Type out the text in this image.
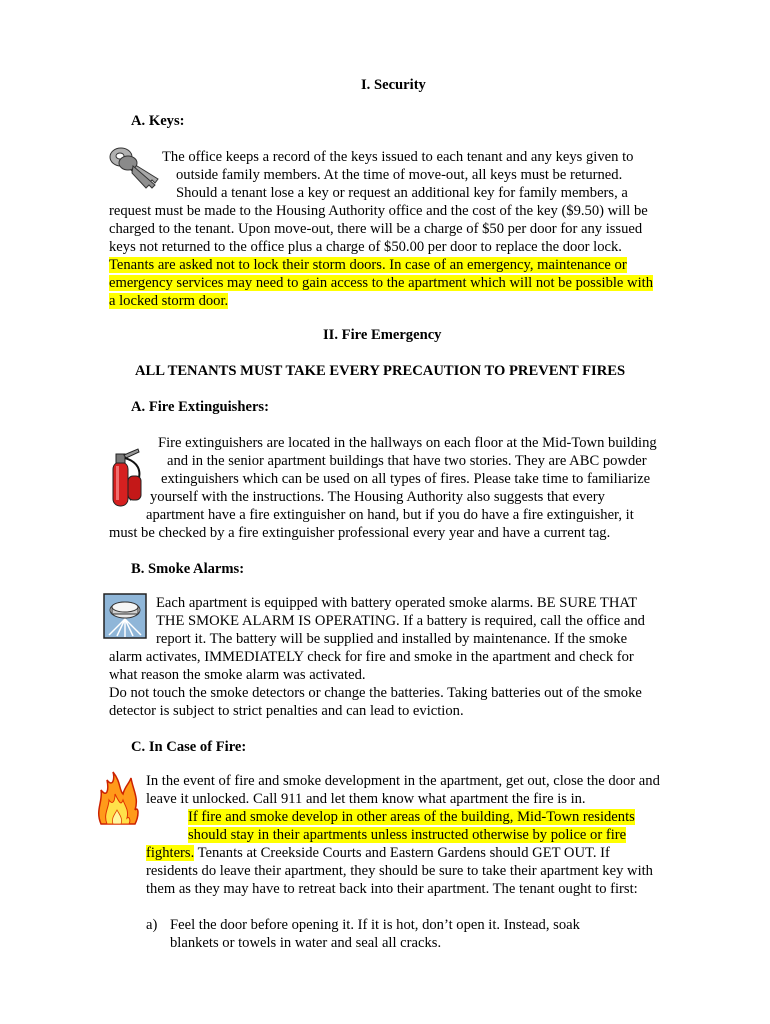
I. Security

A. Keys:

The office keeps a record of the keys issued to each tenant and any keys given to

outside family members. At the time of move-out, all keys must be returned.

Should a tenant lose a key or request an additional key for family members, a

request must be made to the Housing Authority office and the cost of the key ($9.50) will be

charged to the tenant. Upon move-out, there will be a charge of $50 per door for any issued

keys not returned to the office plus a charge of $50.00 per door to replace the door lock.

Tenants are asked not to lock their storm doors. In case of an emergency, maintenance or

emergency services may need to gain access to the apartment which will not be possible with

a locked storm door.

II. Fire Emergency

ALL TENANTS MUST TAKE EVERY PRECAUTION TO PREVENT FIRES

A. Fire Extinguishers:

Fire extinguishers are located in the hallways on each floor at the Mid-Town building

and in the senior apartment buildings that have two stories. They are ABC powder

extinguishers which can be used on all types of fires. Please take time to familiarize

yourself with the instructions. The Housing Authority also suggests that every

apartment have a fire extinguisher on hand, but if you do have a fire extinguisher, it

must be checked by a fire extinguisher professional every year and have a current tag.

B. Smoke Alarms:

Each apartment is equipped with battery operated smoke alarms. BE SURE THAT

THE SMOKE ALARM IS OPERATING. If a battery is required, call the office and

report it. The battery will be supplied and installed by maintenance. If the smoke

alarm activates, IMMEDIATELY check for fire and smoke in the apartment and check for

what reason the smoke alarm was activated.

Do not touch the smoke detectors or change the batteries. Taking batteries out of the smoke

detector is subject to strict penalties and can lead to eviction.

C. In Case of Fire:

In the event of fire and smoke development in the apartment, get out, close the door and

leave it unlocked. Call 911 and let them know what apartment the fire is in.

If fire and smoke develop in other areas of the building, Mid-Town residents

should stay in their apartments unless instructed otherwise by police or fire

fighters. Tenants at Creekside Courts and Eastern Gardens should GET OUT. If

residents do leave their apartment, they should be sure to take their apartment key with

them as they may have to retreat back into their apartment. The tenant ought to first:

a) Feel the door before opening it. If it is hot, don’t open it. Instead, soak

blankets or towels in water and seal all cracks.
